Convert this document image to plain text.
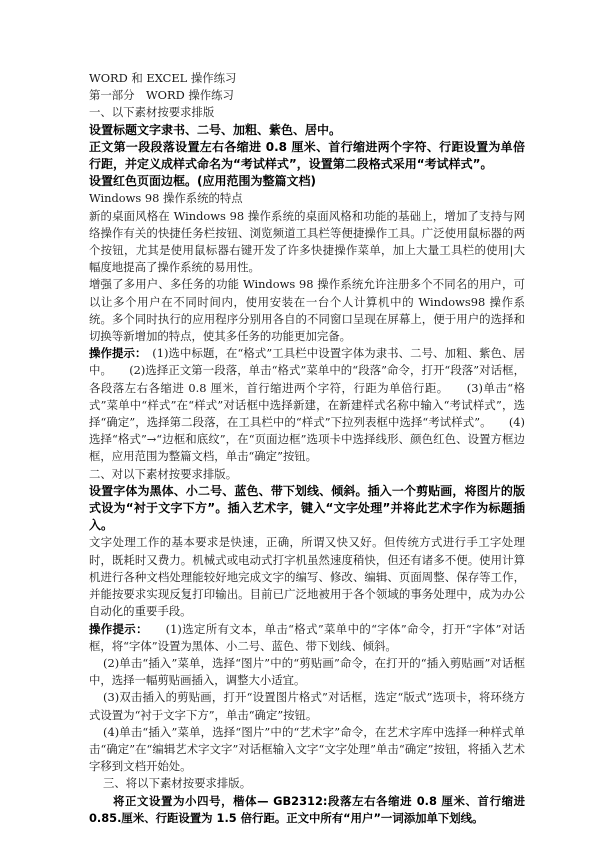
WORD 和 EXCEL 操作练习

第一部分　WORD 操作练习

一、以下素材按要求排版

设置标题文字隶书、二号、加粗、紫色、居中。

正文第一段段落设置左右各缩进 0.8 厘米、首行缩进两个字符、行距设置为单倍行距，并定义成样式命名为“考试样式”，设置第二段格式采用“考试样式”。

设置红色页面边框。(应用范围为整篇文档)

Windows 98 操作系统的特点

新的桌面风格在 Windows 98 操作系统的桌面风格和功能的基础上，增加了支持与网络操作有关的快捷任务栏按钮、浏览频道工具栏等便捷操作工具。广泛使用鼠标器的两个按钮，尤其是使用鼠标器右键开发了许多快捷操作菜单，加上大量工具栏的使用|大幅度地提高了操作系统的易用性。

增强了多用户、多任务的功能 Windows 98 操作系统允许注册多个不同名的用户，可以让多个用户在不同时间内，使用安装在一台个人计算机中的 Windows98 操作系统。多个同时执行的应用程序分别用各自的不同窗口呈现在屏幕上，便于用户的选择和切换等新增加的特点，使其多任务的功能更加完备。

操作提示：　(1)选中标题，在“格式”工具栏中设置字体为隶书、二号、加粗、紫色、居中。　　(2)选择正文第一段落，单击“格式”菜单中的“段落”命令，打开“段落”对话框，各段落左右各缩进 0.8 厘米，首行缩进两个字符，行距为单倍行距。　　(3)单击“格式”菜单中“样式”在“样式”对话框中选择新建，在新建样式名称中输入“考试样式”，选择“确定”，选择第二段落，在工具栏中的“样式”下拉列表框中选择“考试样式”。　　(4)选择“格式”→“边框和底纹”，在“页面边框”选项卡中选择线形、颜色红色、设置方框边框，应用范围为整篇文档，单击“确定”按钮。

二、对以下素材按要求排版。

设置字体为黑体、小二号、蓝色、带下划线、倾斜。插入一个剪贴画，将图片的版式设为“衬于文字下方”。插入艺术字，键入“文字处理”并将此艺术字作为标题插入。

文字处理工作的基本要求是快速，正确，所谓又快又好。但传统方式进行手工字处理时，既耗时又费力。机械式或电动式打字机虽然速度稍快，但还有诸多不便。使用计算机进行各种文档处理能较好地完成文字的编写、修改、编辑、页面周整、保存等工作，并能按要求实现反复打印输出。目前已广泛地被用于各个领域的事务处理中，成为办公自动化的重要手段。

操作提示：　　(1)选定所有文本，单击“格式”菜单中的“字体”命令，打开“字体”对话框，将“字体”设置为黑体、小二号、蓝色、带下划线、倾斜。

(2)单击“插入”菜单，选择“图片”中的“剪贴画”命令，在打开的“插入剪贴画”对话框中，选择一幅剪贴画插入，调整大小适宜。

(3)双击插入的剪贴画，打开“设置图片格式”对话框，选定“版式”选项卡，将环绕方式设置为“衬于文字下方”，单击“确定”按钮。

(4)单击“插入”菜单，选择“图片”中的“艺术字”命令，在艺术字库中选择一种样式单击“确定”在“编辑艺术字文字”对话框输入文字“文字处理”单击“确定”按钮，将插入艺术字移到文档开始处。

三、将以下素材按要求排版。

将正文设置为小四号，楷体— GB2312:段落左右各缩进 0.8 厘米、首行缩进 0.85.厘米、行距设置为 1.5 倍行距。正文中所有“用户”一词添加单下划线。
